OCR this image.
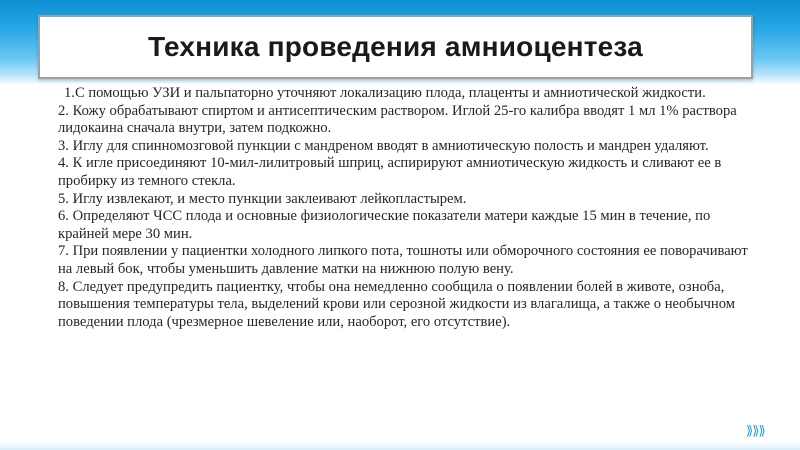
Техника проведения амниоцентеза

1.С помощью УЗИ и пальпаторно уточняют локализацию плода, плаценты и амниотической жидкости.

2. Кожу обрабатывают спиртом и антисептическим раствором. Иглой 25-го калибра вводят 1 мл 1% раствора лидокаина сначала внутри, затем подкожно.

3. Иглу для спинномозговой пункции с мандреном вводят в амниотическую полость и мандрен удаляют.

4. К игле присоединяют 10-мил-лилитровый шприц, аспирируют амниотическую жидкость и сливают ее в пробирку из темного стекла.

5. Иглу извлекают, и место пункции заклеивают лейкопластырем.

6. Определяют ЧСС плода и основные физиологические показатели матери каждые 15 мин в течение, по крайней мере 30 мин.

7. При появлении у пациентки холодного липкого пота, тошноты или обморочного состояния ее поворачивают на левый бок, чтобы уменьшить давление матки на нижнюю полую вену.

8. Следует предупредить пациентку, чтобы она немедленно сообщила о появлении болей в животе, озноба, повышения температуры тела, выделений крови или серозной жидкости из влагалища, а также о необычном поведении плода (чрезмерное шевеление или, наоборот, его отсутствие).

⟫⟫⟫
